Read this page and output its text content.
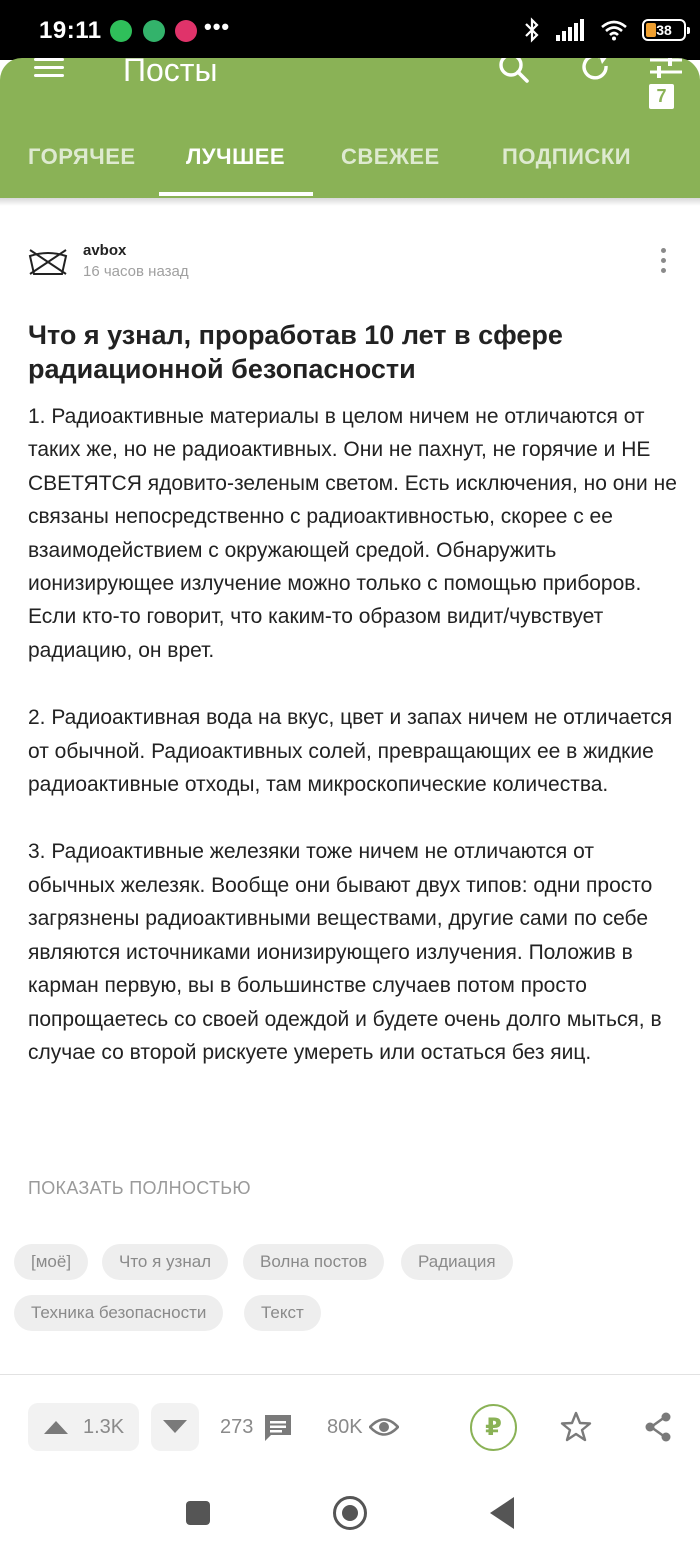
19:11	•••	38
Посты
ГОРЯЧЕЕ ЛУЧШЕЕ	СВЕЖЕЕ	ПОДПИСКИ
7
avbox
16 часов назад
Что я узнал, проработав 10 лет в сфере радиационной безопасности

1. Радиоактивные материалы в целом ничем не отличаются от таких же, но не радиоактивных. Они не пахнут, не горячие и НЕ СВЕТЯТСЯ ядовито-зеленым светом. Есть исключения, но они не связаны непосредственно с радиоактивностью, скорее с ее взаимодействием с окружающей средой. Обнаружить ионизирующее излучение можно только с помощью приборов. Если кто-то говорит, что каким-то образом видит/чувствует радиацию, он врет.

2. Радиоактивная вода на вкус, цвет и запах ничем не отличается от обычной. Радиоактивных солей, превращающих ее в жидкие радиоактивные отходы, там микроскопические количества.

3. Радиоактивные железяки тоже ничем не отличаются от обычных железяк. Вообще они бывают двух типов: одни просто загрязнены радиоактивными веществами, другие сами по себе являются источниками ионизирующего излучения. Положив в карман первую, вы в большинстве случаев потом просто попрощаетесь со своей одеждой и будете очень долго мыться, в случае со второй рискуете умереть или остаться без яиц.

ПОКАЗАТЬ ПОЛНОСТЬЮ
[моё]	Что я узнал	Волна постов	Радиация
Техника безопасности	Текст
1.3K	273	80K	₽
